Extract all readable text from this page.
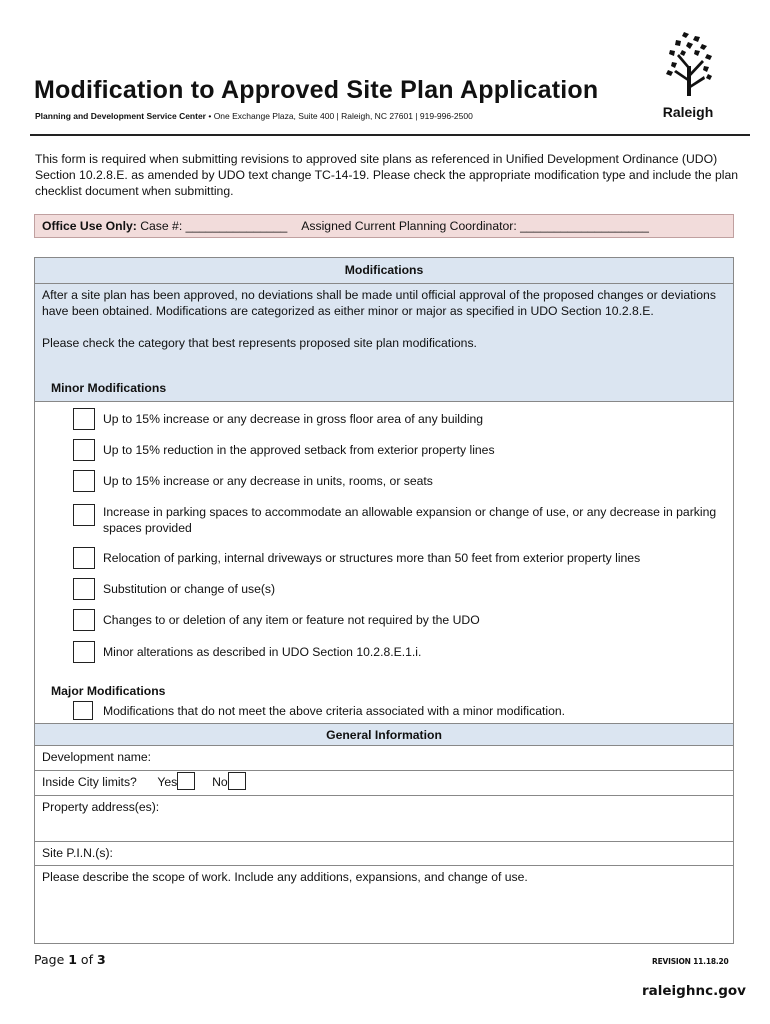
Modification to Approved Site Plan Application
Planning and Development Service Center • One Exchange Plaza, Suite 400 | Raleigh, NC 27601 | 919-996-2500	Raleigh
This form is required when submitting revisions to approved site plans as referenced in Unified Development Ordinance (UDO) Section 10.2.8.E. as amended by UDO text change TC-14-19. Please check the appropriate modification type and include the plan checklist document when submitting.
Office Use Only: Case #: _______________ Assigned Current Planning Coordinator: ___________________
Modifications

After a site plan has been approved, no deviations shall be made until official approval of the proposed changes or deviations have been obtained. Modifications are categorized as either minor or major as specified in UDO Section 10.2.8.E.

Please check the category that best represents proposed site plan modifications.

Minor Modifications
Up to 15% increase or any decrease in gross floor area of any building
Up to 15% reduction in the approved setback from exterior property lines
Up to 15% increase or any decrease in units, rooms, or seats
Increase in parking spaces to accommodate an allowable expansion or change of use, or any decrease in parking spaces provided
Relocation of parking, internal driveways or structures more than 50 feet from exterior property lines
Substitution or change of use(s)
Changes to or deletion of any item or feature not required by the UDO
Minor alterations as described in UDO Section 10.2.8.E.1.i.
Major Modifications
Modifications that do not meet the above criteria associated with a minor modification.
General Information
Development name:
Inside City limits? Yes	No
Property address(es):
Site P.I.N.(s):
Please describe the scope of work. Include any additions, expansions, and change of use.
Page 1 of 3	REVISION 11.18.20
raleighnc.gov
